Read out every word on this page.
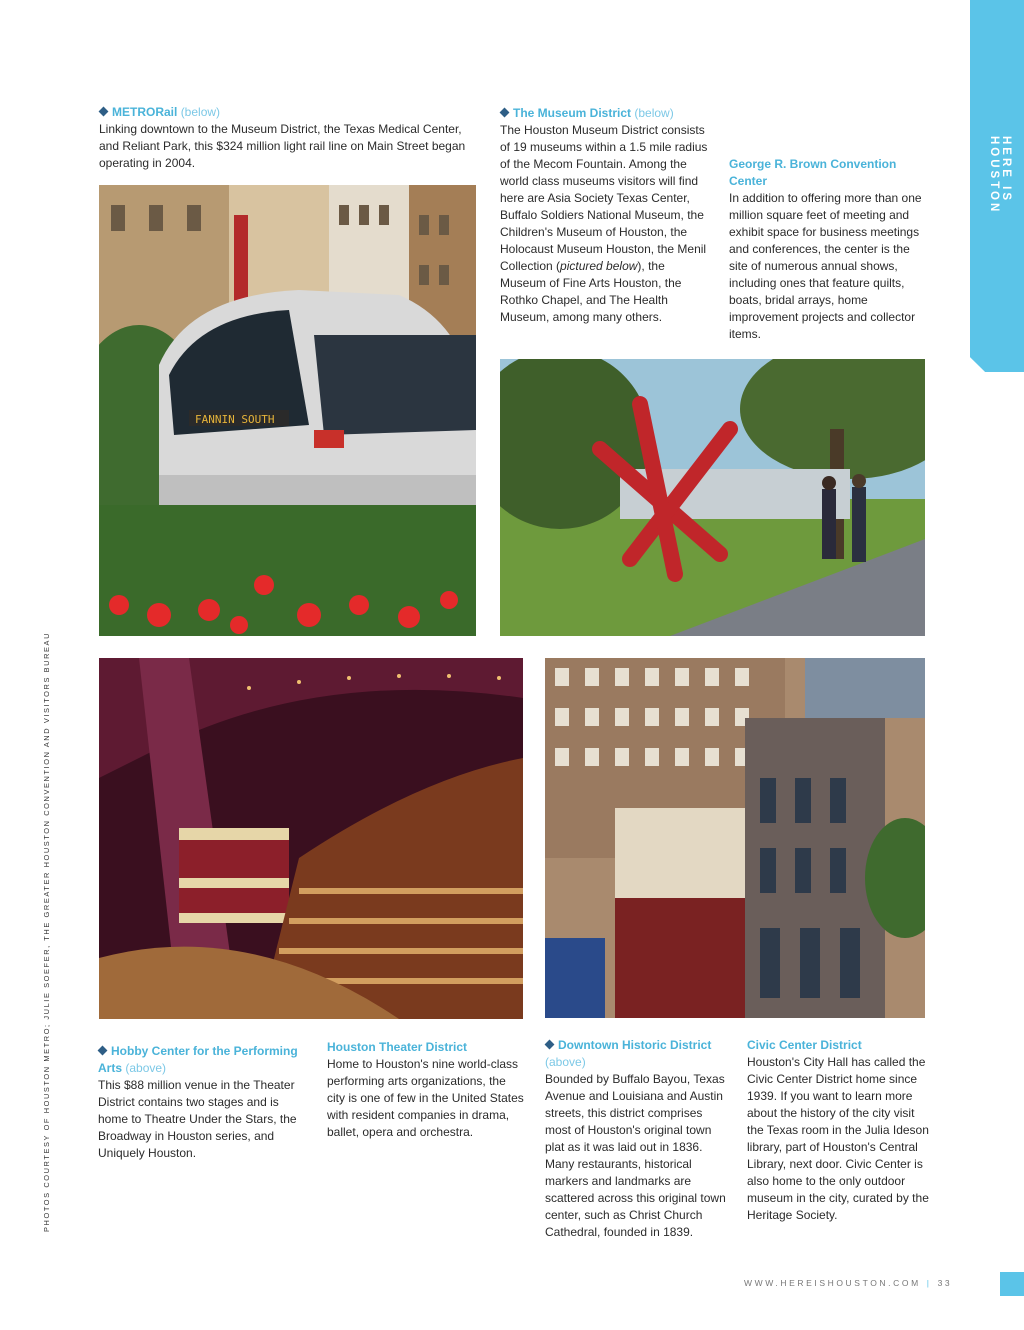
HERE IS HOUSTON
PHOTOS COURTESY OF HOUSTON METRO; JULIE SOEFER, THE GREATER HOUSTON CONVENTION AND VISITORS BUREAU
METRORail (below)
Linking downtown to the Museum District, the Texas Medical Center, and Reliant Park, this $324 million light rail line on Main Street began operating in 2004.
The Museum District (below)
The Houston Museum District consists of 19 museums within a 1.5 mile radius of the Mecom Fountain. Among the world class museums visitors will find here are Asia Society Texas Center, Buffalo Soldiers National Museum, the Children's Museum of Houston, the Holocaust Museum Houston, the Menil Collection (pictured below), the Museum of Fine Arts Houston, the Rothko Chapel, and The Health Museum, among many others.
George R. Brown Convention Center
In addition to offering more than one million square feet of meeting and exhibit space for business meetings and conferences, the center is the site of numerous annual shows, including ones that feature quilts, boats, bridal arrays, home improvement projects and collector items.
FANNIN SOUTH
Hobby Center for the Performing Arts (above)
This $88 million venue in the Theater District contains two stages and is home to Theatre Under the Stars, the Broadway in Houston series, and Uniquely Houston.
Houston Theater District
Home to Houston's nine world-class performing arts organizations, the city is one of few in the United States with resident companies in drama, ballet, opera and orchestra.
Downtown Historic District (above)
Bounded by Buffalo Bayou, Texas Avenue and Louisiana and Austin streets, this district comprises most of Houston's original town plat as it was laid out in 1836. Many restaurants, historical markers and landmarks are scattered across this original town center, such as Christ Church Cathedral, founded in 1839.
Civic Center District
Houston's City Hall has called the Civic Center District home since 1939. If you want to learn more about the history of the city visit the Texas room in the Julia Ideson library, part of Houston's Central Library, next door. Civic Center is also home to the only outdoor museum in the city, curated by the Heritage Society.
WWW.HEREISHOUSTON.COM | 33
